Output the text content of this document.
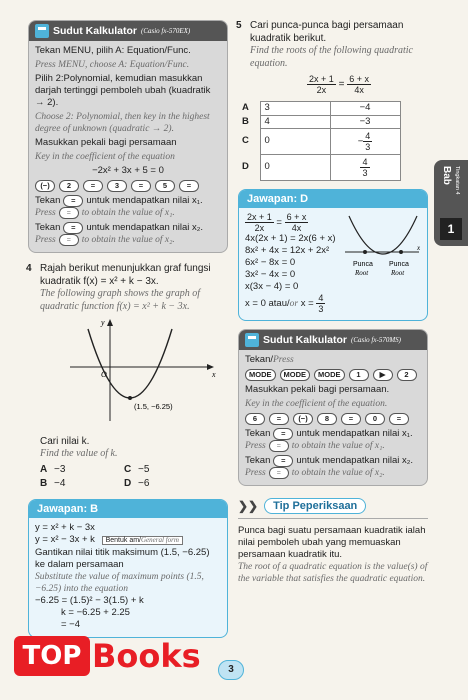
Sudut Kalkulator (Casio fx-570EX)

Tekan MENU, pilih A: Equation/Func.

Press MENU, choose A: Equation/Func.

Pilih 2:Polynomial, kemudian masukkan darjah tertinggi pemboleh ubah (kuadratik → 2).

Choose 2: Polynomial, then key in the highest degree of unknown (quadratic → 2).

Masukkan pekali bagi persamaan

Key in the coefficient of the equation

−2x² + 3x + 5 = 0

(−)	2	=	3	=	5	=
Tekan	=	untuk mendapatkan nilai x₁.
Press	=	to obtain the value of x₁.
Tekan	=	untuk mendapatkan nilai x₂.
Press	=	to obtain the value of x₂.
4 Rajah berikut menunjukkan graf fungsi kuadratik f(x) = x² + k − 3x.

The following graph shows the graph of quadratic function f(x) = x² + k − 3x.

y
x
O
(1.5, −6.25)

Cari nilai k.

Find the value of k.

A −3	C −5
B −4	D −6
Jawapan: B

y = x² + k − 3x

y = x² − 3x + k Bentuk am/General form

Gantikan nilai titik maksimum (1.5, −6.25) ke dalam persamaan

Substitute the value of maximum points (1.5, −6.25) into the equation

−6.25 = (1.5)² − 3(1.5) + k

k = −6.25 + 2.25

= −4

5 Cari punca-punca bagi persamaan kuadratik berikut.

Find the roots of the following quadratic equation.

$\frac{2x + 1}{2x} = \frac{6 + x}{4x}$

A	3	−4
B	4	−3
C	0	− $\frac{4}{3}$

D	0	$\frac{4}{3}$
Jawapan: D

$\frac{2x + 1}{2x} = \frac{6 + x}{4x}$

4x(2x + 1) = 2x(6 + x)

8x² + 4x = 12x + 2x²

6x² − 8x = 0

3x² − 4x = 0

x(3x − 4) = 0

x = 0 atau/or $x = \frac{4}{3}$

x
Punca Punca
Root	Root
Sudut Kalkulator (Casio fx-570MS)

Tekan/Press

MODE	MODE	MODE	1	▶	2

Masukkan pekali bagi persamaan.

Key in the coefficient of the equation.

6	=	(−)	8	=	0	=
Tekan	=	untuk mendapatkan nilai x₁.
Press	=	to obtain the value of x₁.
Tekan	=	untuk mendapatkan nilai x₂.
Press	=	to obtain the value of x₂.
❯❯	Tip Peperiksaan

Punca bagi suatu persamaan kuadratik ialah nilai pemboleh ubah yang memuaskan persamaan kuadratik itu.

The root of a quadratic equation is the value(s) of the variable that satisfies the quadratic equation.

Bab Tingkatan 4
1
TOP Books	3
